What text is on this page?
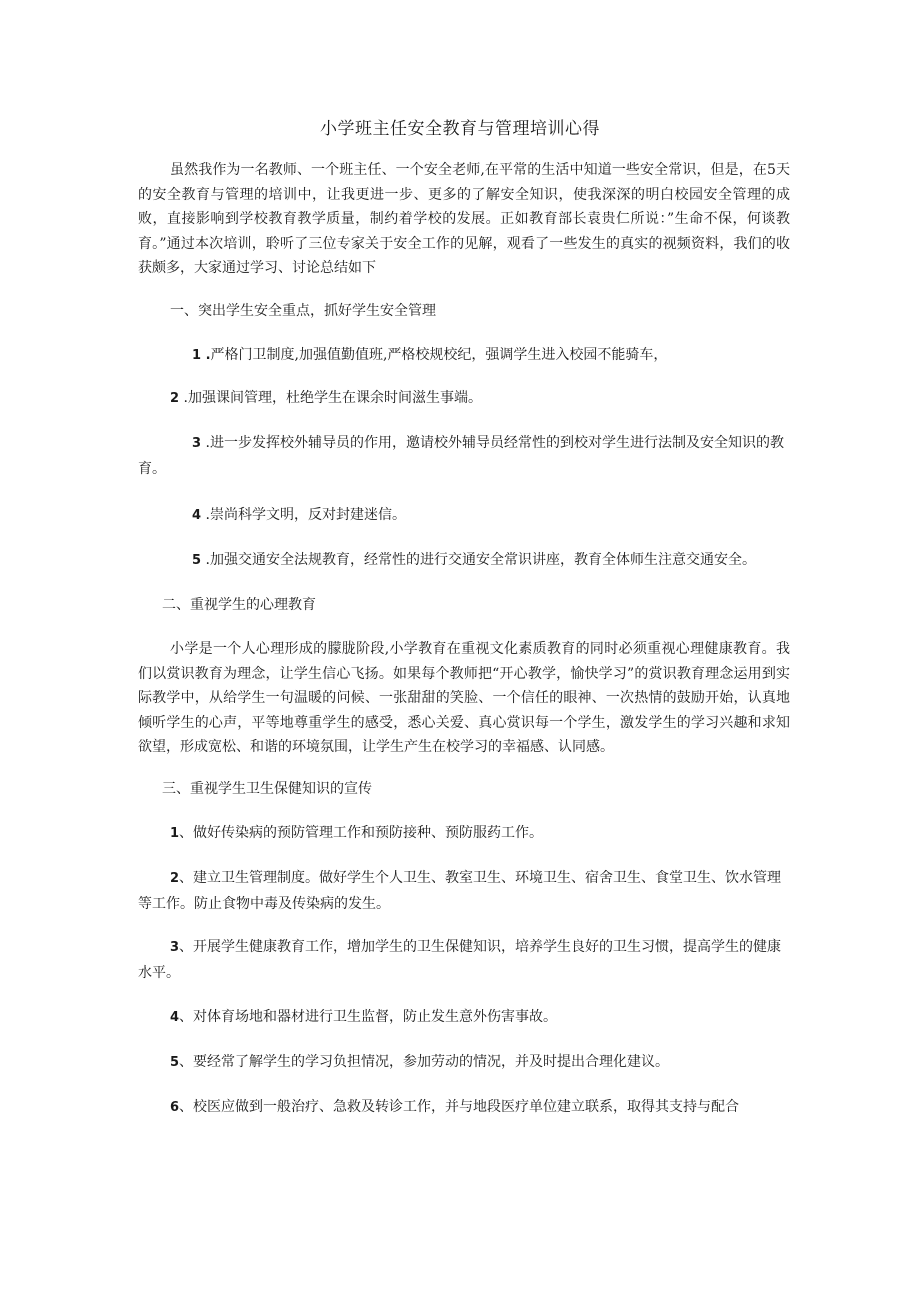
小学班主任安全教育与管理培训心得
虽然我作为一名教师、一个班主任、一个安全老师,在平常的生活中知道一些安全常识，但是，在5天的安全教育与管理的培训中，让我更进一步、更多的了解安全知识，使我深深的明白校园安全管理的成败，直接影响到学校教育教学质量，制约着学校的发展。正如教育部长袁贵仁所说：”生命不保，何谈教育。”通过本次培训，聆听了三位专家关于安全工作的见解，观看了一些发生的真实的视频资料，我们的收获颇多，大家通过学习、讨论总结如下
一、突出学生安全重点，抓好学生安全管理
1 .严格门卫制度,加强值勤值班,严格校规校纪，强调学生进入校园不能骑车，
2 .加强课间管理，杜绝学生在课余时间滋生事端。
3 .进一步发挥校外辅导员的作用，邀请校外辅导员经常性的到校对学生进行法制及安全知识的教育。
4 .崇尚科学文明，反对封建迷信。
5 .加强交通安全法规教育，经常性的进行交通安全常识讲座，教育全体师生注意交通安全。
二、重视学生的心理教育
小学是一个人心理形成的朦胧阶段,小学教育在重视文化素质教育的同时必须重视心理健康教育。我们以赏识教育为理念，让学生信心飞扬。如果每个教师把“开心教学，愉快学习”的赏识教育理念运用到实际教学中，从给学生一句温暖的问候、一张甜甜的笑脸、一个信任的眼神、一次热情的鼓励开始，认真地倾听学生的心声，平等地尊重学生的感受，悉心关爱、真心赏识每一个学生，激发学生的学习兴趣和求知欲望，形成宽松、和谐的环境氛围，让学生产生在校学习的幸福感、认同感。
三、重视学生卫生保健知识的宣传
1、做好传染病的预防管理工作和预防接种、预防服药工作。
2、建立卫生管理制度。做好学生个人卫生、教室卫生、环境卫生、宿舍卫生、食堂卫生、饮水管理等工作。防止食物中毒及传染病的发生。
3、开展学生健康教育工作，增加学生的卫生保健知识，培养学生良好的卫生习惯，提高学生的健康水平。
4、对体育场地和器材进行卫生监督，防止发生意外伤害事故。
5、要经常了解学生的学习负担情况，参加劳动的情况，并及时提出合理化建议。
6、校医应做到一般治疗、急救及转诊工作，并与地段医疗单位建立联系，取得其支持与配合
